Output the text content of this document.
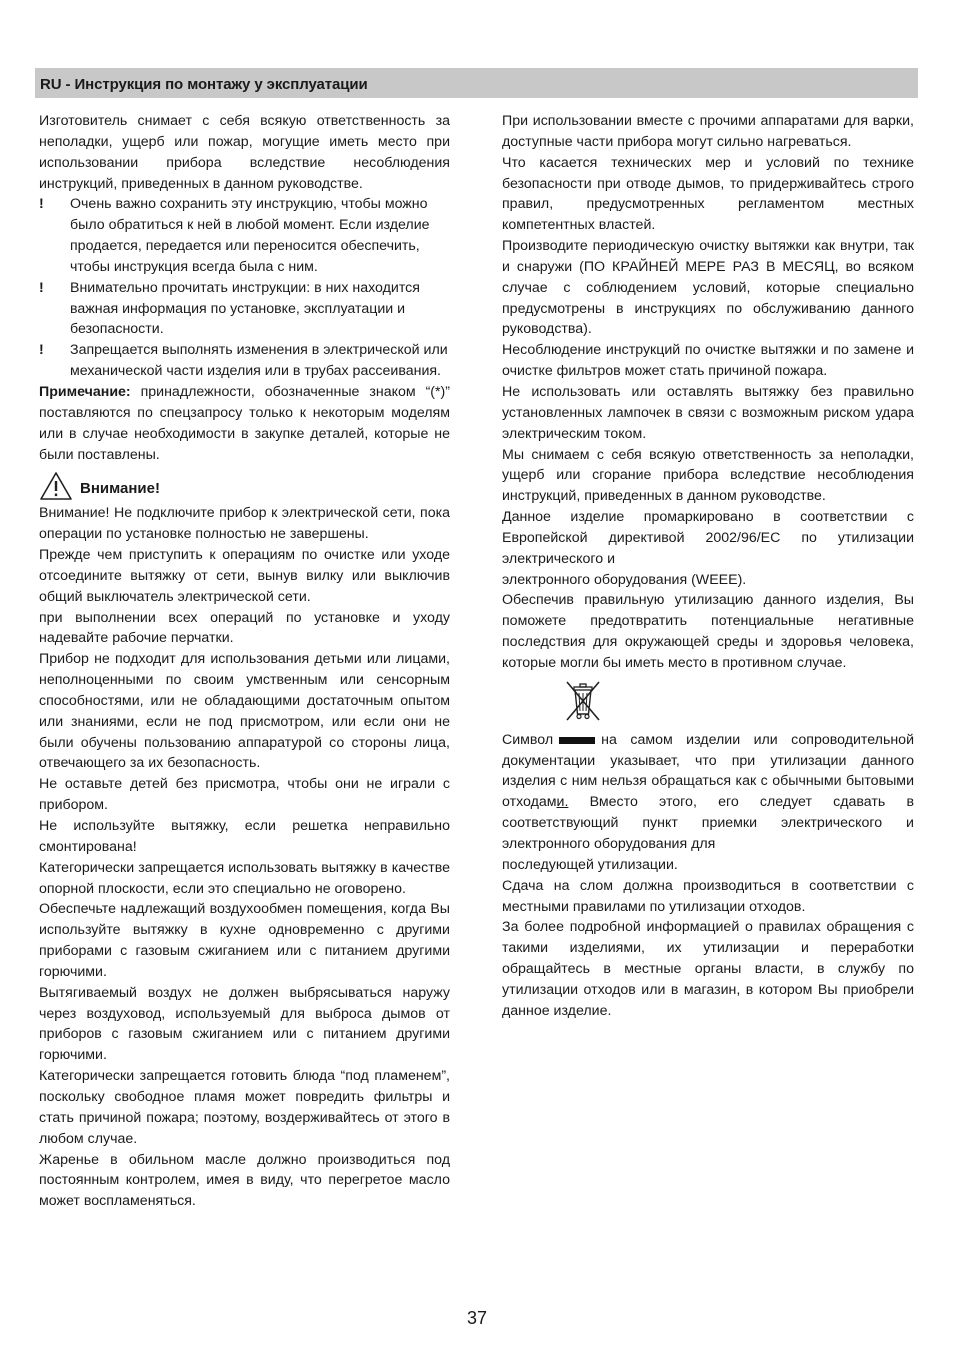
RU - Инструкция по монтажу у эксплуатации

Изготовитель снимает с себя всякую ответственность за неполадки, ущерб или пожар, могущие иметь место при использовании прибора вследствие несоблюдения инструкций, приведенных в данном руководстве.

! Очень важно сохранить эту инструкцию, чтобы можно было обратиться к ней в любой момент. Если изделие продается, передается или переносится обеспечить, чтобы инструкция всегда была с ним.

! Внимательно прочитать инструкции: в них находится важная информация по установке, эксплуатации и безопасности.

! Запрещается выполнять изменения в электрической или механической части изделия или в трубах рассеивания.

Примечание: принадлежности, обозначенные знаком “(*)” поставляются по спецзапросу только к некоторым моделям или в случае необходимости в закупке деталей, которые не были поставлены.

Внимание!

Внимание! Не подключите прибор к электрической сети, пока операции по установке полностью не завершены.

Прежде чем приступить к операциям по очистке или уходе отсоедините вытяжку от сети, вынув вилку или выключив общий выключатель электрической сети.

при выполнении всех операций по установке и уходу надевайте рабочие перчатки.

Прибор не подходит для использования детьми или лицами, неполноценными по своим умственным или сенсорным способностями, или не обладающими достаточным опытом или знаниями, если не под присмотром, или если они не были обучены пользованию аппаратурой со стороны лица, отвечающего за их безопасность.

Не оставьте детей без присмотра, чтобы они не играли с прибором.

Не используйте вытяжку, если решетка неправильно смонтирована!

Категорически запрещается использовать вытяжку в качестве опорной плоскости, если это специально не оговорено.

Обеспечьте надлежащий воздухообмен помещения, когда Вы используйте вытяжку в кухне одновременно с другими приборами с газовым сжиганием или с питанием другими горючими.

Вытягиваемый воздух не должен выбрясываться наружу через воздуховод, используемый для выброса дымов от приборов с газовым сжиганием или с питанием другими горючими.

Категорически запрещается готовить блюда “под пламенем”, поскольку свободное пламя может повредить фильтры и стать причиной пожара; поэтому, воздерживайтесь от этого в любом случае.

Жаренье в обильном масле должно производиться под постоянным контролем, имея в виду, что перегретое масло может воспламеняться.

При использовании вместе с прочими аппаратами для варки, доступные части прибора могут сильно нагреваться.

Что касается технических мер и условий по технике безопасности при отводе дымов, то придерживайтесь строго правил, предусмотренных регламентом местных компетентных властей.

Производите периодическую очистку вытяжки как внутри, так и снаружи (ПО КРАЙНЕЙ МЕРЕ РАЗ В МЕСЯЦ, во всяком случае с соблюдением условий, которые специально предусмотрены в инструкциях по обслуживанию данного руководства).

Несоблюдение инструкций по очистке вытяжки и по замене и очистке фильтров может стать причиной пожара.

Не использовать или оставлять вытяжку без правильно установленных лампочек в связи с возможным риском удара электрическим током.

Мы снимаем с себя всякую ответственность за неполадки, ущерб или сгорание прибора вследствие несоблюдения инструкций, приведенных в данном руководстве.

Данное изделие промаркировано в соответствии с Европейской директивой 2002/96/EC по утилизации электрического и

электронного оборудования (WEEE).

Обеспечив правильную утилизацию данного изделия, Вы поможете предотвратить потенциальные негативные последствия для окружающей среды и здоровья человека, которые могли бы иметь место в противном случае.

Символ	на самом изделии или сопроводительной документации указывает, что при утилизации данного изделия с ним нельзя обращаться как с обычными бытовыми отходами. Вместо этого, его следует сдавать в соответствующий пункт приемки электрического и электронного оборудования для

последующей утилизации.

Сдача на слом должна производиться в соответствии с местными правилами по утилизации отходов.

За более подробной информацией о правилах обращения с такими изделиями, их утилизации и переработки обращайтесь в местные органы власти, в службу по утилизации отходов или в магазин, в котором Вы приобрели данное изделие.

37
